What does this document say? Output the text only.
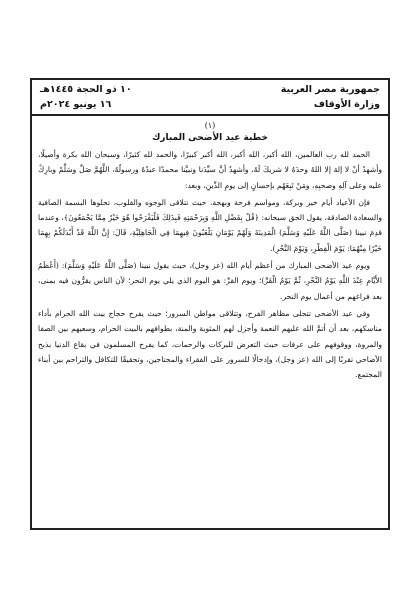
جمهورية مصر العربية
وزارة الأوقاف
١٠ ذو الحجة ١٤٤٥هـ
١٦ يونيو ٢٠٢٤م
(١)
خطبة عيد الأضحى المبارك

الحمد لله رب العالمين، الله أكبر، الله أكبر، الله أكبر كبيرًا، والحمد لله كثيرًا، وسبحان الله بكرة وأصيلًا، وأشهدُ أنْ لا إلهَ إلا اللهُ وحدَهُ لا شريكَ لَهُ، وأشهدُ أنَّ سيِّدَنا ونبيَّنا محمدًا عبدُهُ ورسولُهُ، اللَّهُمَّ صَلِّ وسَلِّمْ وبارِكْ عليه وعلى آلِهِ وصحبِهِ، ومَنْ تَبِعَهُم بإحسانٍ إلى يومِ الدِّينِ، وبعد:

فإن الأعياد أيام خير وبركة، ومواسم فرحة وبهجة، حيث تتلاقى الوجوه والقلوب، تحلوها البسمة الصافية والسعادة الصادقة، يقول الحق سبحانه: ﴿قُلْ بِفَضْلِ اللَّهِ وَبِرَحْمَتِهِ فَبِذَلِكَ فَلْيَفْرَحُوا هُوَ خَيْرٌ مِمَّا يَجْمَعُونَ﴾، وعندما قدِمَ نبينا (صَلَّى اللَّهُ عَلَيْهِ وَسَلَّمَ) الْمَدِينَةَ وَلَهُمْ يَوْمَانِ يَلْعَبُونَ فِيهِمَا فِي الْجَاهِلِيَّةِ، قَالَ: إِنَّ اللَّهَ قَدْ أَبْدَلَكُمْ بِهِمَا خَيْرًا مِنْهُمَا: يَوْمَ الْفِطْرِ، وَيَوْمَ النَّحْرِ).

ويوم عيد الأضحى المبارك من أعظم أيام الله (عز وجل)، حيث يقول نبينا (صَلَّى اللَّهُ عَلَيْهِ وَسَلَّمَ): (أَعْظَمُ الأَيَّامِ عِنْدَ اللَّهِ يَوْمُ النَّحْرِ، ثُمَّ يَوْمُ الْقَرِّ)؛ ويوم القرِّ: هو اليوم الذي يلي يوم النحر؛ لأن الناس يقرُّون فيه بمنى، بعد فراغهم من أعمال يوم النحر.

وفي عيد الأضحى تتجلى مظاهر الفرح، وتتلاقى مواطن السرور؛ حيث يفرح حجاج بيت الله الحرام بأداء مناسكهم، بعد أن أتمَّ الله عليهم النعمة وأجزل لهم المثوبة والمنة، بطوافهم بالبيت الحرام، وسعيهم بين الصفا والمروة، ووقوفهم على عرفات حيث التعرض للبركات والرحمات، كما يفرح المسلمون في بقاع الدنيا بذبح الأضاحي تقربًا إلى الله (عز وجل)، وإدخالًا للسرور على الفقراء والمحتاجين، وتحقيقًا للتكافل والتراحم بين أبناء المجتمع.
